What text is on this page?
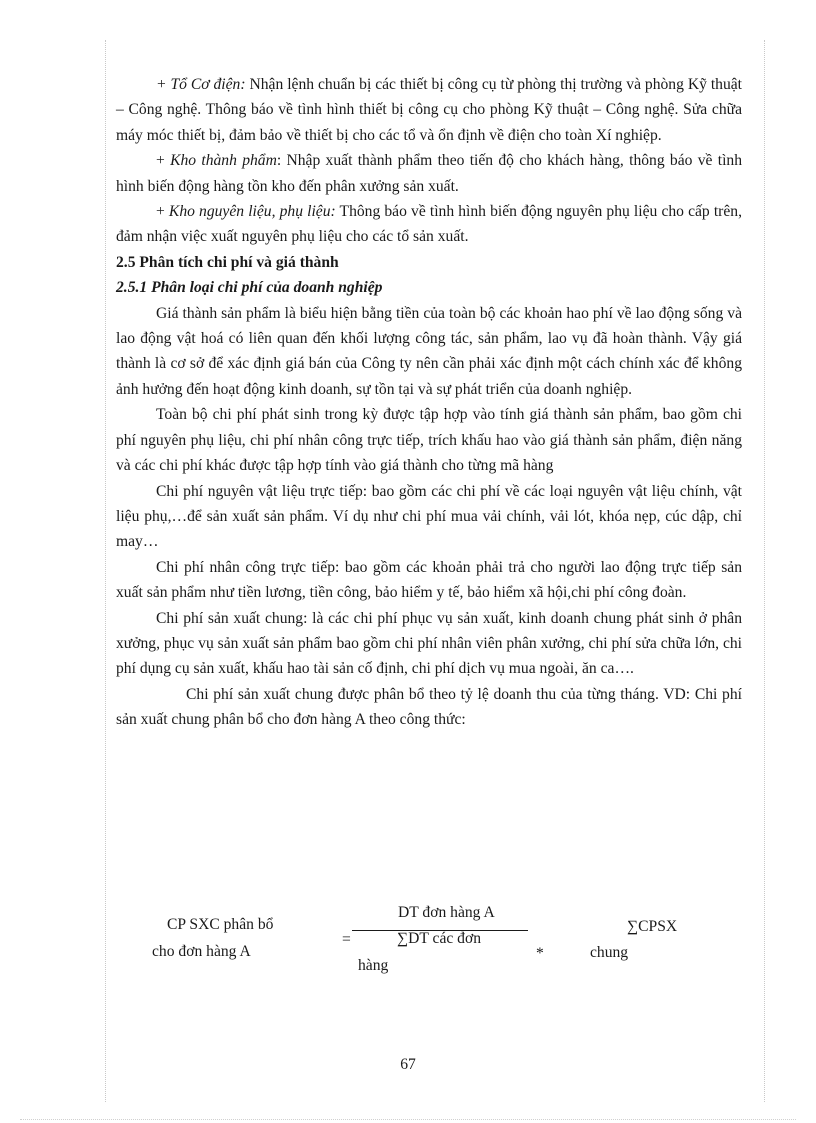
+ Tổ Cơ điện: Nhận lệnh chuẩn bị các thiết bị công cụ từ phòng thị trường và phòng Kỹ thuật – Công nghệ. Thông báo về tình hình thiết bị công cụ cho phòng Kỹ thuật – Công nghệ. Sửa chữa máy móc thiết bị, đảm bảo về thiết bị cho các tổ và ổn định về điện cho toàn Xí nghiệp.

+ Kho thành phẩm: Nhập xuất thành phẩm theo tiến độ cho khách hàng, thông báo về tình hình biến động hàng tồn kho đến phân xưởng sản xuất.

+ Kho nguyên liệu, phụ liệu: Thông báo về tình hình biến động nguyên phụ liệu cho cấp trên, đảm nhận việc xuất nguyên phụ liệu cho các tổ sản xuất.

2.5 Phân tích chi phí và giá thành

2.5.1 Phân loại chi phí của doanh nghiệp

Giá thành sản phẩm là biểu hiện bằng tiền của toàn bộ các khoản hao phí về lao động sống và lao động vật hoá có liên quan đến khối lượng công tác, sản phẩm, lao vụ đã hoàn thành. Vậy giá thành là cơ sở để xác định giá bán của Công ty nên cần phải xác định một cách chính xác để không ảnh hưởng đến hoạt động kinh doanh, sự tồn tại và sự phát triển của doanh nghiệp.

Toàn bộ chi phí phát sinh trong kỳ được tập hợp vào tính giá thành sản phẩm, bao gồm chi phí nguyên phụ liệu, chi phí nhân công trực tiếp, trích khấu hao vào giá thành sản phẩm, điện năng và các chi phí khác được tập hợp tính vào giá thành cho từng mã hàng

Chi phí nguyên vật liệu trực tiếp: bao gồm các chi phí về các loại nguyên vật liệu chính, vật liệu phụ,…để sản xuất sản phẩm. Ví dụ như chi phí mua vải chính, vải lót, khóa nẹp, cúc dập, chỉ may…

Chi phí nhân công trực tiếp: bao gồm các khoản phải trả cho người lao động trực tiếp sản xuất sản phẩm như tiền lương, tiền công, bảo hiểm y tế, bảo hiểm xã hội,chi phí công đoàn.

Chi phí sản xuất chung: là các chi phí phục vụ sản xuất, kinh doanh chung phát sinh ở phân xưởng, phục vụ sản xuất sản phẩm bao gồm chi phí nhân viên phân xưởng, chi phí sửa chữa lớn, chi phí dụng cụ sản xuất, khấu hao tài sản cố định, chi phí dịch vụ mua ngoài, ăn ca….

Chi phí sản xuất chung được phân bổ theo tỷ lệ doanh thu của từng tháng. VD: Chi phí sản xuất chung phân bổ cho đơn hàng A theo công thức:

CP SXC phân bổ
cho đơn hàng A
=
DT đơn hàng A
∑DT các đơn
hàng
*
∑CPSX
chung
67
